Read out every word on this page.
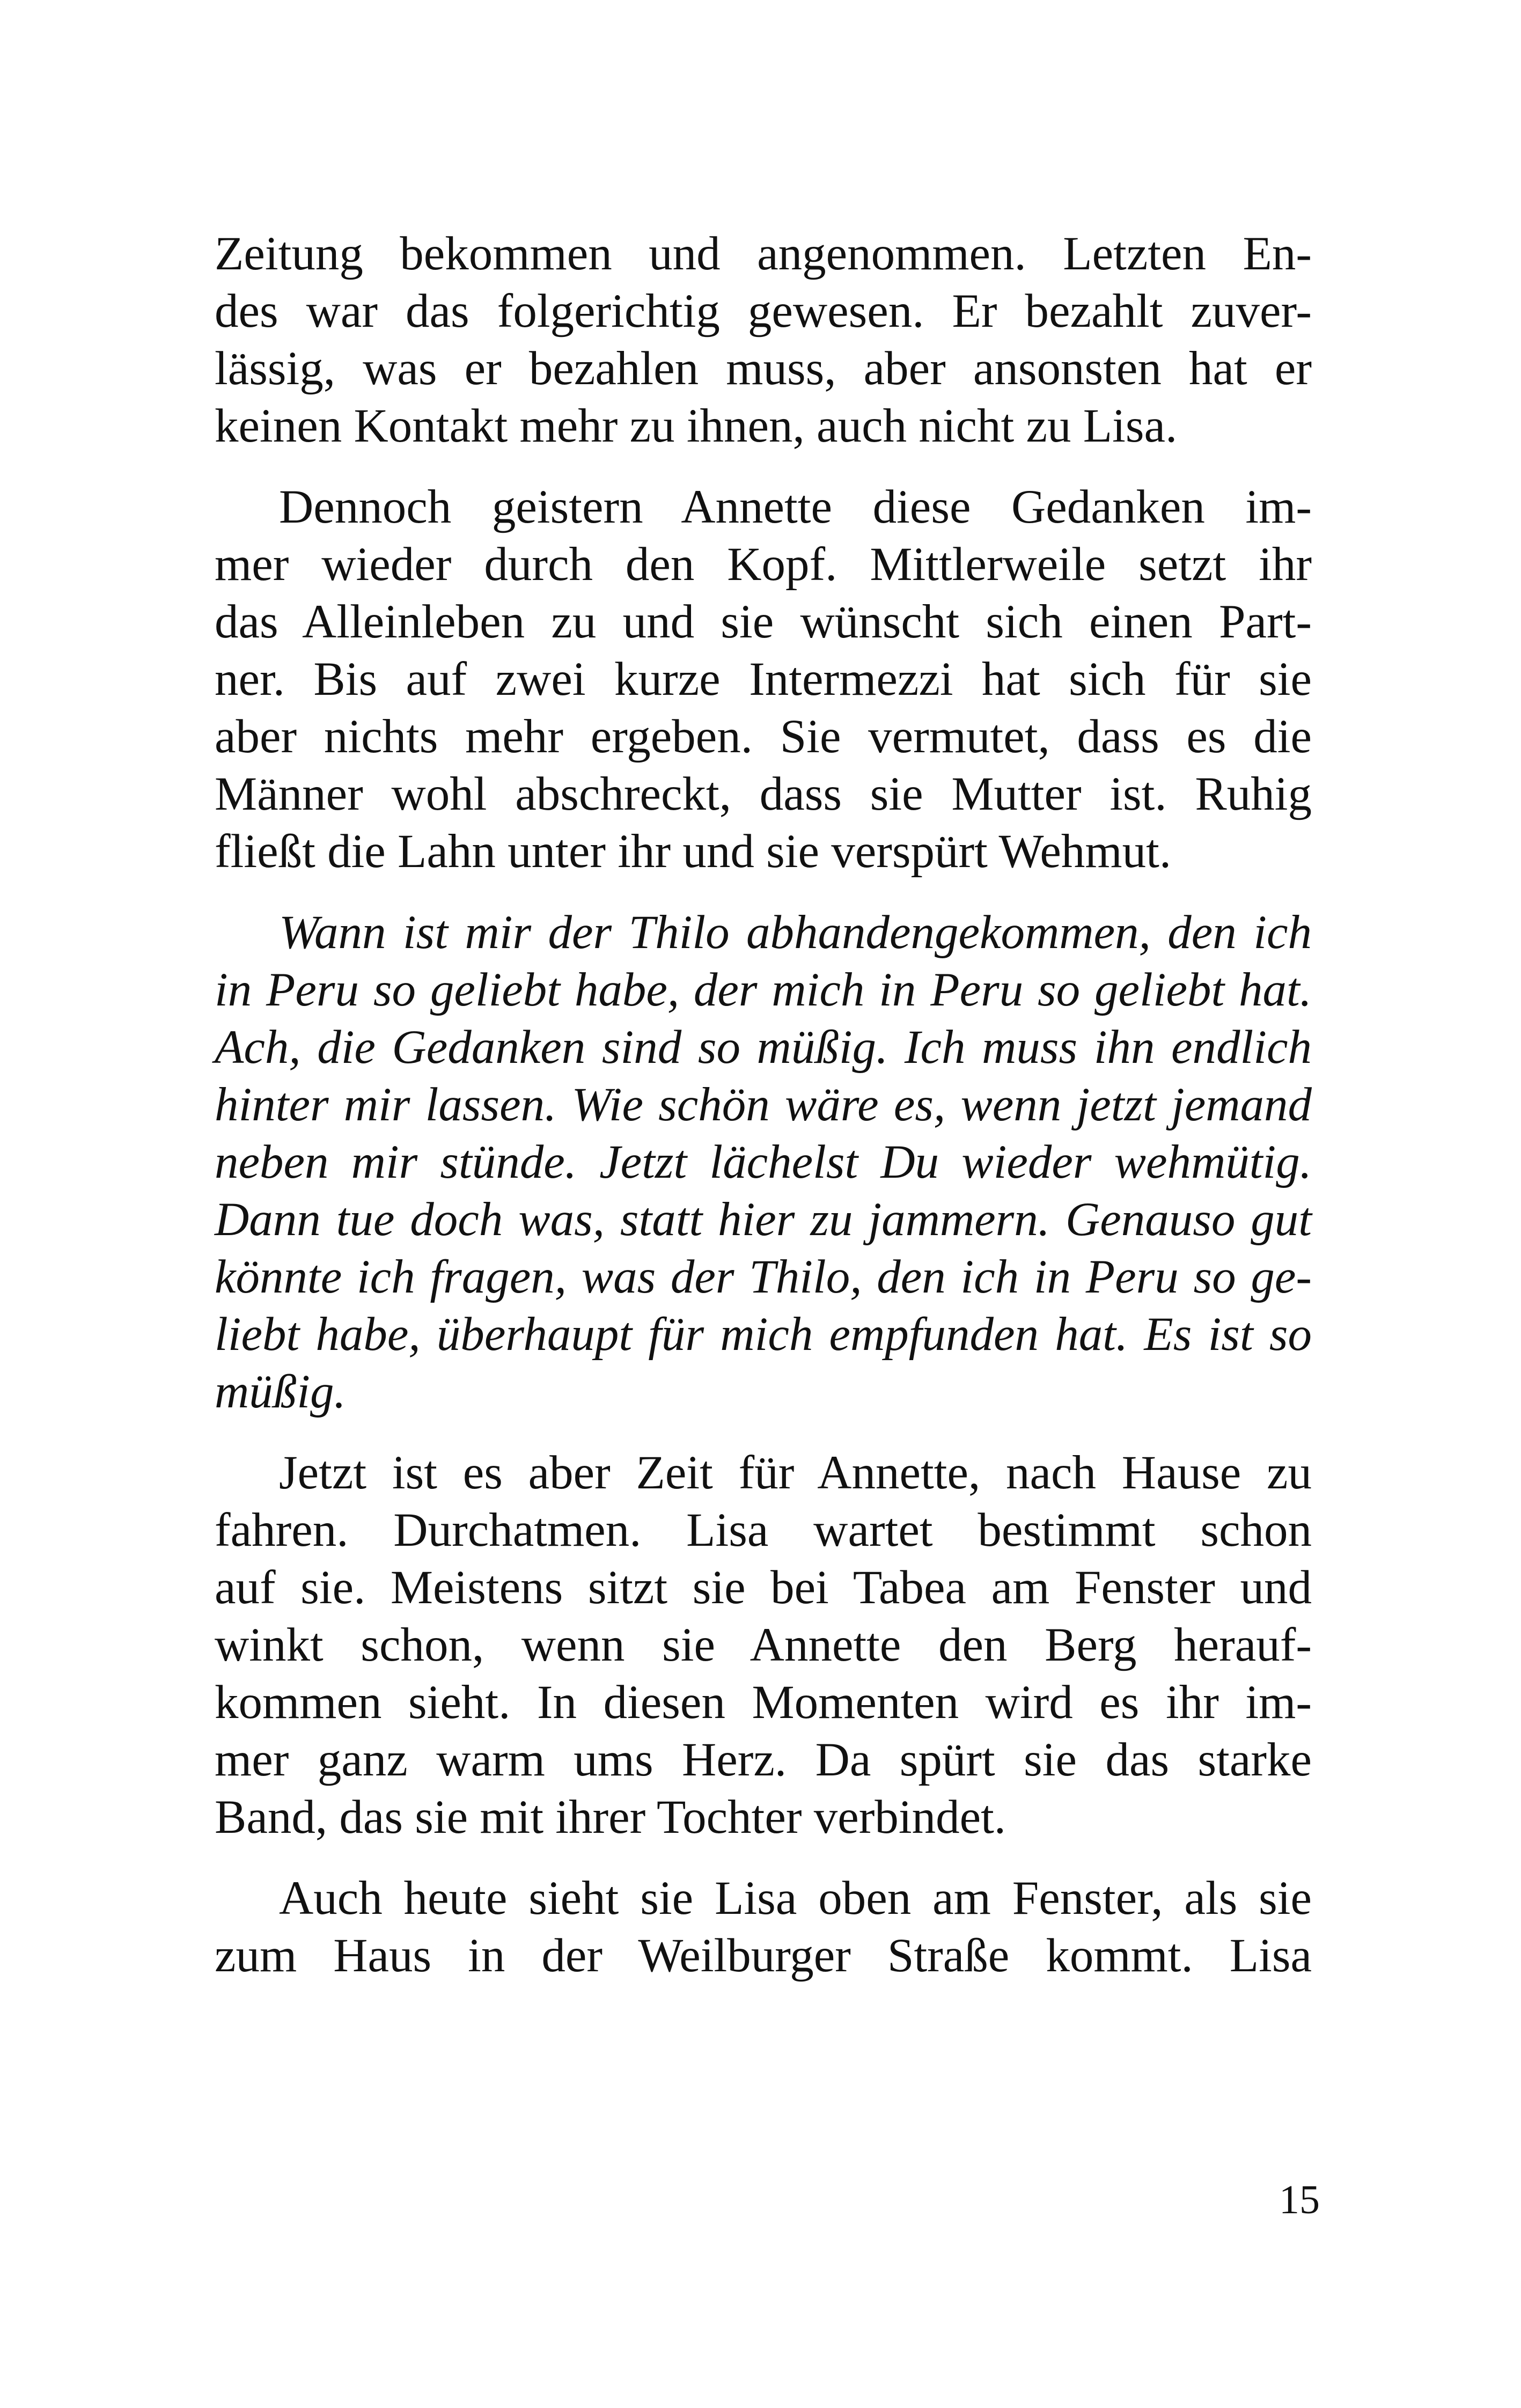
Zeitung bekommen und angenommen. Letzten En-
des war das folgerichtig gewesen. Er bezahlt zuver-
lässig, was er bezahlen muss, aber ansonsten hat er
keinen Kontakt mehr zu ihnen, auch nicht zu Lisa.
Dennoch geistern Annette diese Gedanken im-
mer wieder durch den Kopf. Mittlerweile setzt ihr
das Alleinleben zu und sie wünscht sich einen Part-
ner. Bis auf zwei kurze Intermezzi hat sich für sie
aber nichts mehr ergeben. Sie vermutet, dass es die
Männer wohl abschreckt, dass sie Mutter ist. Ruhig
fließt die Lahn unter ihr und sie verspürt Wehmut.
Wann ist mir der Thilo abhandengekommen, den ich
in Peru so geliebt habe, der mich in Peru so geliebt hat.
Ach, die Gedanken sind so müßig. Ich muss ihn endlich
hinter mir lassen. Wie schön wäre es, wenn jetzt jemand
neben mir stünde. Jetzt lächelst Du wieder wehmütig.
Dann tue doch was, statt hier zu jammern. Genauso gut
könnte ich fragen, was der Thilo, den ich in Peru so ge-
liebt habe, überhaupt für mich empfunden hat. Es ist so
müßig.
Jetzt ist es aber Zeit für Annette, nach Hause zu
fahren. Durchatmen. Lisa wartet bestimmt schon
auf sie. Meistens sitzt sie bei Tabea am Fenster und
winkt schon, wenn sie Annette den Berg herauf-
kommen sieht. In diesen Momenten wird es ihr im-
mer ganz warm ums Herz. Da spürt sie das starke
Band, das sie mit ihrer Tochter verbindet.
Auch heute sieht sie Lisa oben am Fenster, als sie
zum Haus in der Weilburger Straße kommt. Lisa
15
